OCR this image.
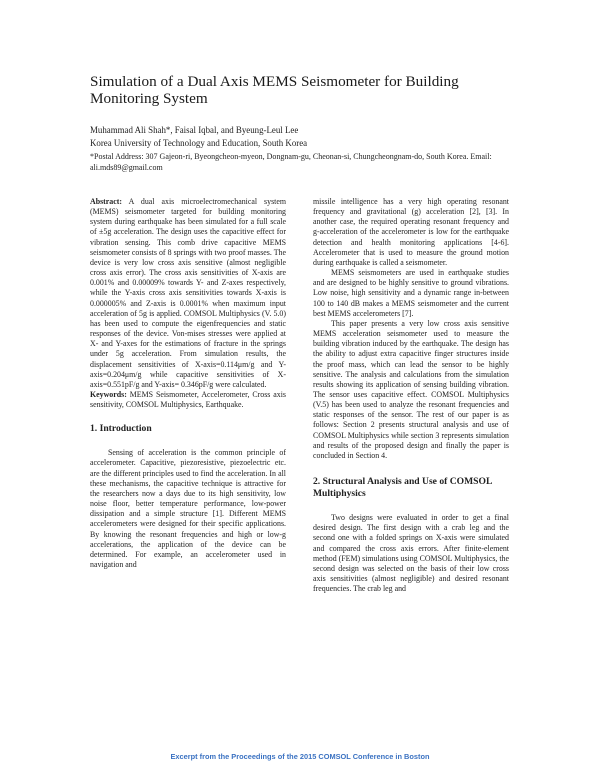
Simulation of a Dual Axis MEMS Seismometer for Building Monitoring System
Muhammad Ali Shah*, Faisal Iqbal, and Byeung-Leul Lee
Korea University of Technology and Education, South Korea
*Postal Address: 307 Gajeon-ri, Byeongcheon-myeon, Dongnam-gu, Cheonan-si, Chungcheongnam-do, South Korea. Email: ali.mds89@gmail.com

Abstract: A dual axis microelectromechanical system (MEMS) seismometer targeted for building monitoring system during earthquake has been simulated for a full scale of ±5g acceleration. The design uses the capacitive effect for vibration sensing. This comb drive capacitive MEMS seismometer consists of 8 springs with two proof masses. The device is very low cross axis sensitive (almost negligible cross axis error). The cross axis sensitivities of X-axis are 0.001% and 0.00009% towards Y- and Z-axes respectively, while the Y-axis cross axis sensitivities towards X-axis is 0.000005% and Z-axis is 0.0001% when maximum input acceleration of 5g is applied. COMSOL Multiphysics (V. 5.0) has been used to compute the eigenfrequencies and static responses of the device. Von-mises stresses were applied at X- and Y-axes for the estimations of fracture in the springs under 5g acceleration. From simulation results, the displacement sensitivities of X-axis=0.114μm/g and Y-axis=0.204μm/g while capacitive sensitivities of X-axis=0.551pF/g and Y-axis= 0.346pF/g were calculated.

Keywords: MEMS Seismometer, Accelerometer, Cross axis sensitivity, COMSOL Multiphysics, Earthquake.

1. Introduction

Sensing of acceleration is the common principle of accelerometer. Capacitive, piezoresistive, piezoelectric etc. are the different principles used to find the acceleration. In all these mechanisms, the capacitive technique is attractive for the researchers now a days due to its high sensitivity, low noise floor, better temperature performance, low-power dissipation and a simple structure [1]. Different MEMS accelerometers were designed for their specific applications. By knowing the resonant frequencies and high or low-g accelerations, the application of the device can be determined. For example, an accelerometer used in navigation and

missile intelligence has a very high operating resonant frequency and gravitational (g) acceleration [2], [3]. In another case, the required operating resonant frequency and g-acceleration of the accelerometer is low for the earthquake detection and health monitoring applications [4-6]. Accelerometer that is used to measure the ground motion during earthquake is called a seismometer.

MEMS seismometers are used in earthquake studies and are designed to be highly sensitive to ground vibrations. Low noise, high sensitivity and a dynamic range in-between 100 to 140 dB makes a MEMS seismometer and the current best MEMS accelerometers [7].

This paper presents a very low cross axis sensitive MEMS acceleration seismometer used to measure the building vibration induced by the earthquake. The design has the ability to adjust extra capacitive finger structures inside the proof mass, which can lead the sensor to be highly sensitive. The analysis and calculations from the simulation results showing its application of sensing building vibration. The sensor uses capacitive effect. COMSOL Multiphysics (V.5) has been used to analyze the resonant frequencies and static responses of the sensor. The rest of our paper is as follows: Section 2 presents structural analysis and use of COMSOL Multiphysics while section 3 represents simulation and results of the proposed design and finally the paper is concluded in Section 4.

2. Structural Analysis and Use of COMSOL Multiphysics

Two designs were evaluated in order to get a final desired design. The first design with a crab leg and the second one with a folded springs on X-axis were simulated and compared the cross axis errors. After finite-element method (FEM) simulations using COMSOL Multiphysics, the second design was selected on the basis of their low cross axis sensitivities (almost negligible) and desired resonant frequencies. The crab leg and

Excerpt from the Proceedings of the 2015 COMSOL Conference in Boston
